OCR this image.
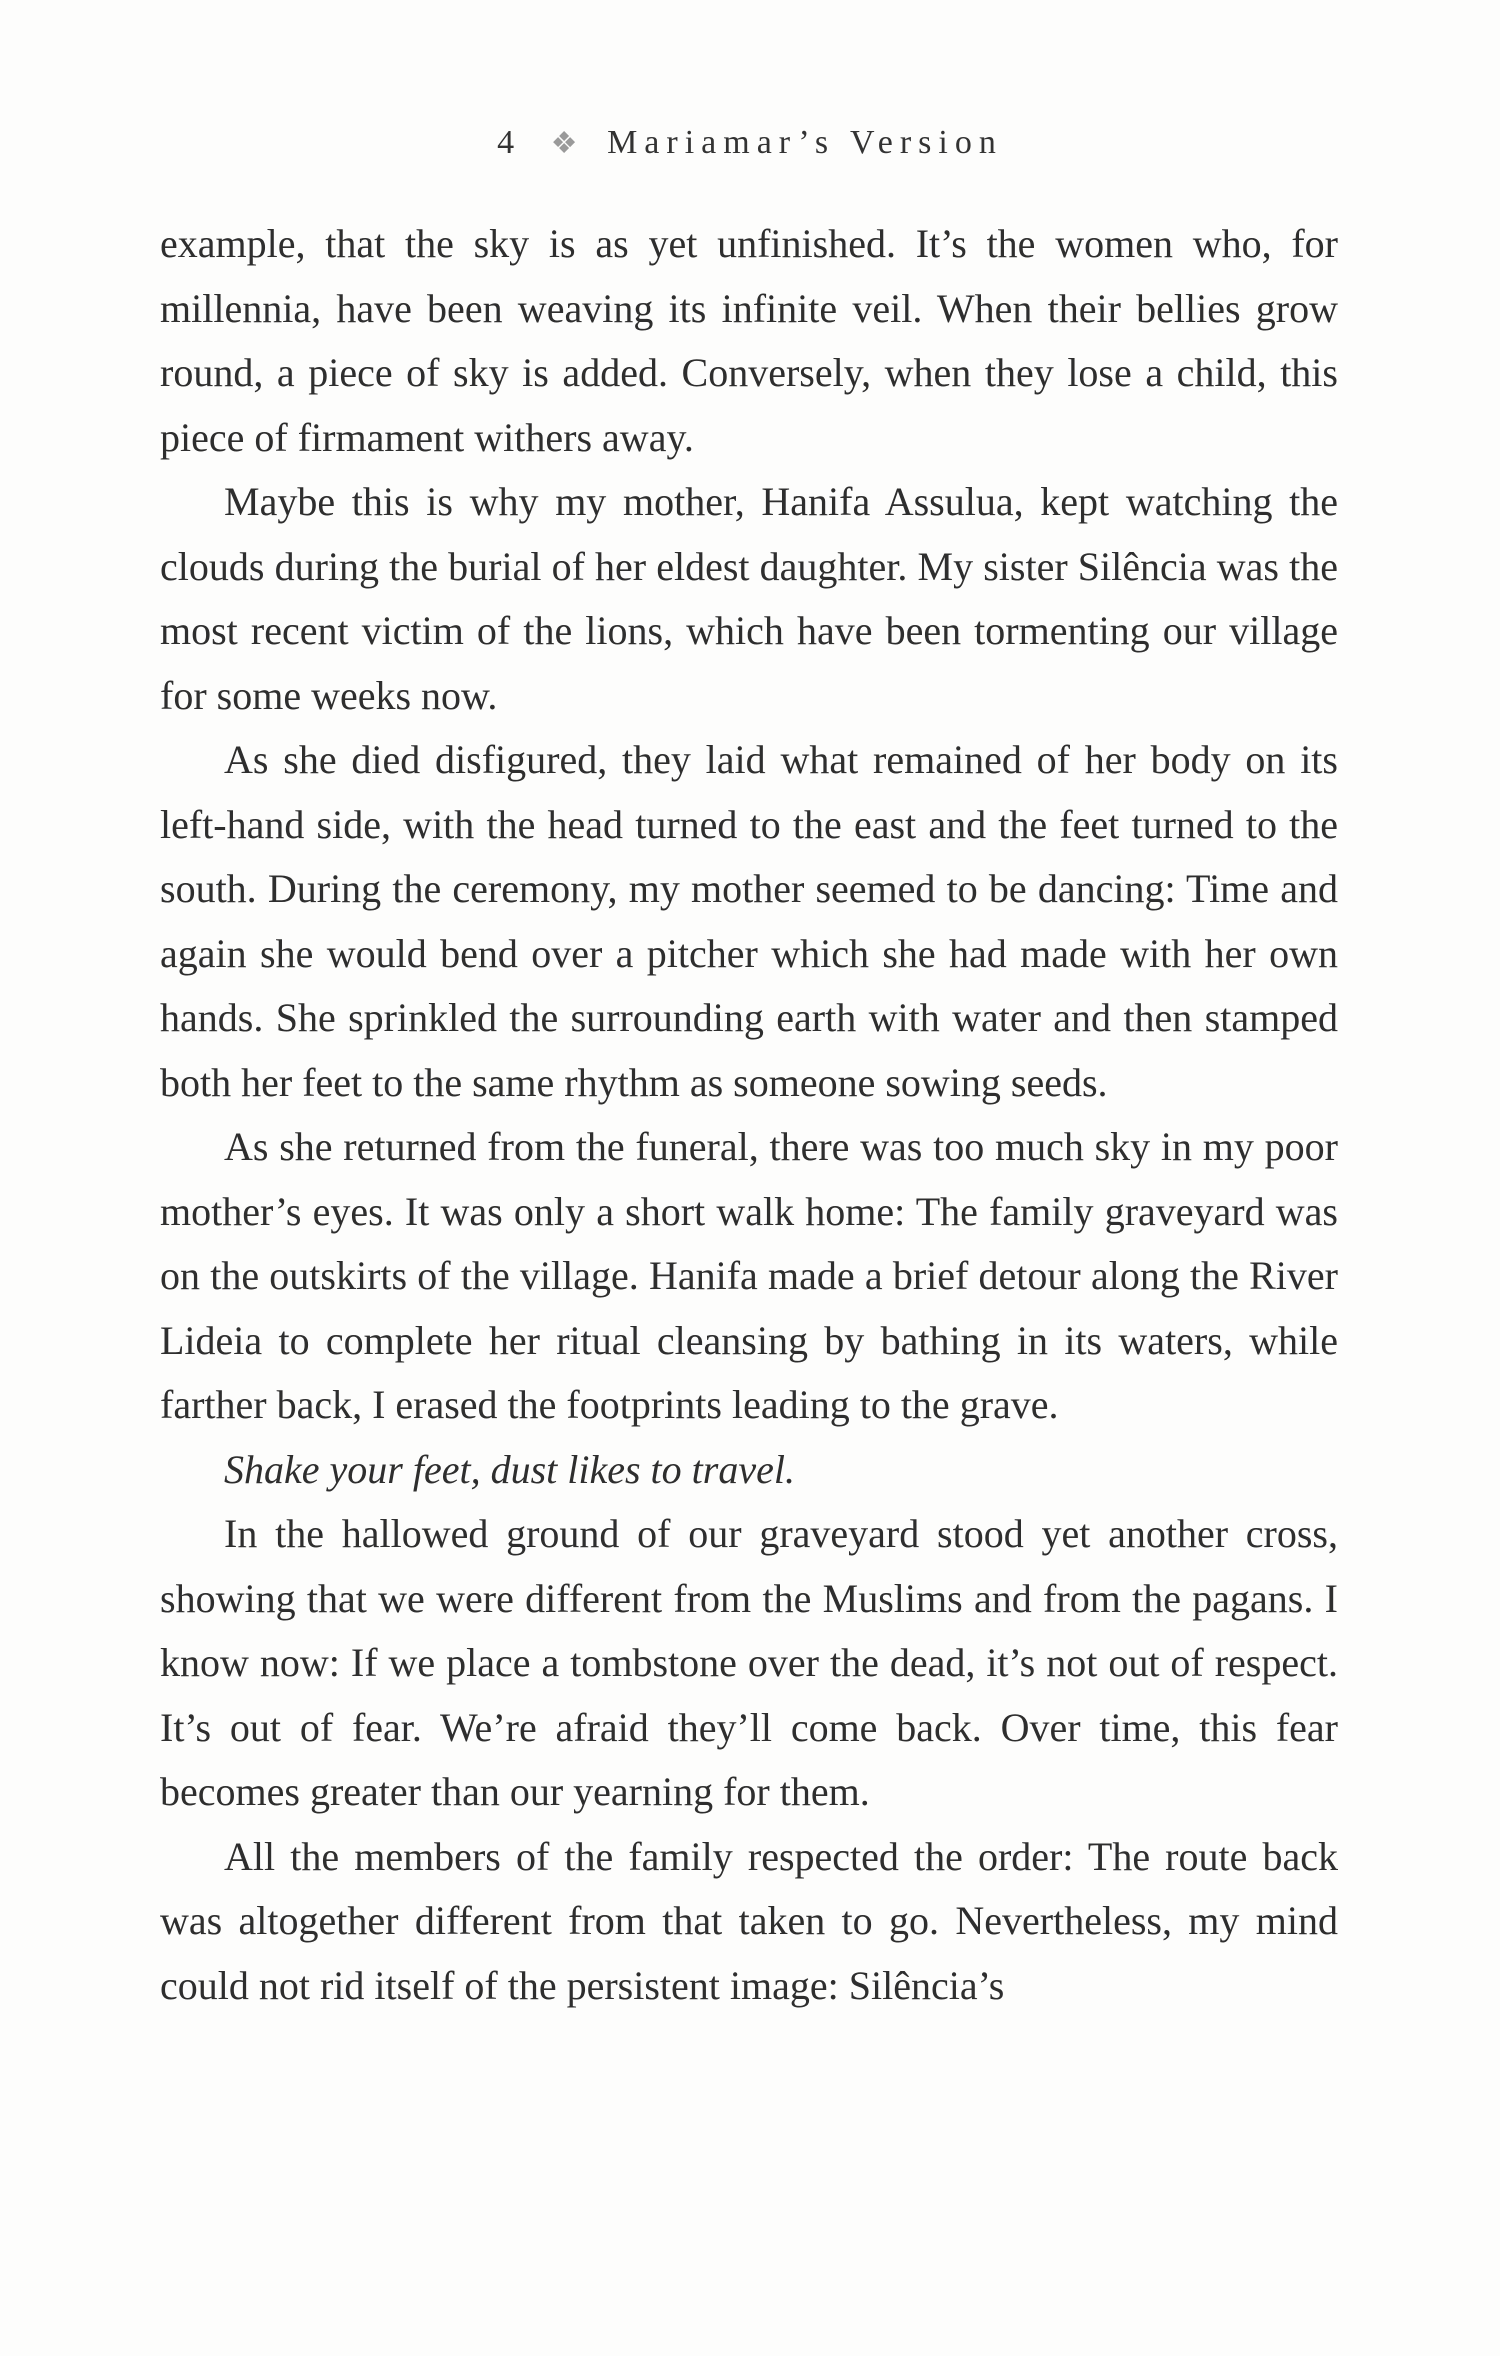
4 ❖ Mariamar’s Version

example, that the sky is as yet unfinished. It’s the women who, for millennia, have been weaving its infinite veil. When their bellies grow round, a piece of sky is added. Conversely, when they lose a child, this piece of firmament withers away.

Maybe this is why my mother, Hanifa Assulua, kept watching the clouds during the burial of her eldest daughter. My sister Silência was the most recent victim of the lions, which have been tormenting our village for some weeks now.

As she died disfigured, they laid what remained of her body on its left-hand side, with the head turned to the east and the feet turned to the south. During the ceremony, my mother seemed to be dancing: Time and again she would bend over a pitcher which she had made with her own hands. She sprinkled the surrounding earth with water and then stamped both her feet to the same rhythm as someone sowing seeds.

As she returned from the funeral, there was too much sky in my poor mother’s eyes. It was only a short walk home: The family graveyard was on the outskirts of the village. Hanifa made a brief detour along the River Lideia to complete her ritual cleansing by bathing in its waters, while farther back, I erased the footprints leading to the grave.

Shake your feet, dust likes to travel.

In the hallowed ground of our graveyard stood yet another cross, showing that we were different from the Muslims and from the pagans. I know now: If we place a tombstone over the dead, it’s not out of respect. It’s out of fear. We’re afraid they’ll come back. Over time, this fear becomes greater than our yearning for them.

All the members of the family respected the order: The route back was altogether different from that taken to go. Nevertheless, my mind could not rid itself of the persistent image: Silência’s
